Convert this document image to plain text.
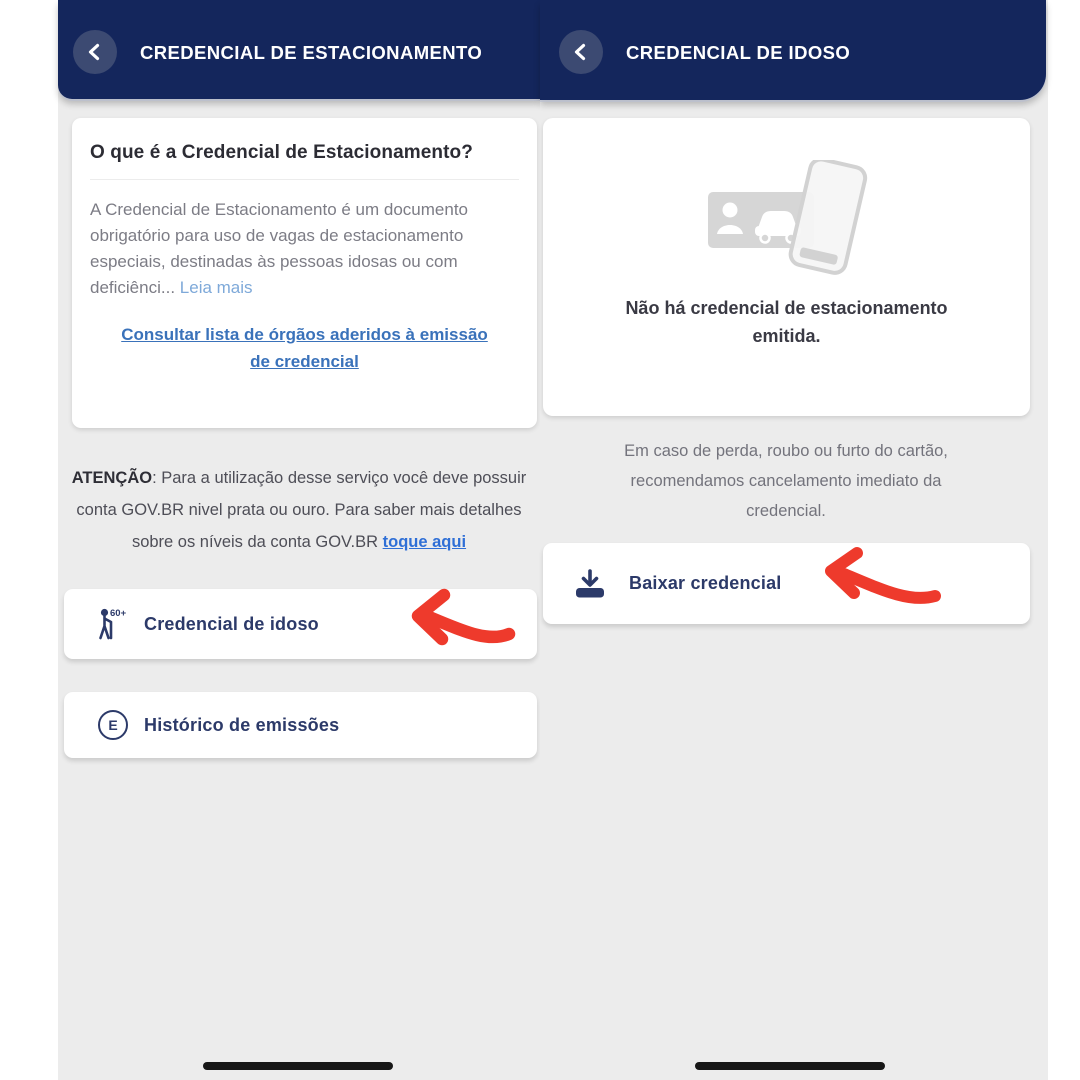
CREDENCIAL DE ESTACIONAMENTO
O que é a Credencial de Estacionamento?

A Credencial de Estacionamento é um documento obrigatório para uso de vagas de estacionamento especiais, destinadas às pessoas idosas ou com deficiênci... Leia mais

Consultar lista de órgãos aderidos à emissão de credencial

ATENÇÃO: Para a utilização desse serviço você deve possuir conta GOV.BR nivel prata ou ouro. Para saber mais detalhes sobre os níveis da conta GOV.BR toque aqui

60+ Credencial de idoso
E	Histórico de emissões
CREDENCIAL DE IDOSO

Não há credencial de estacionamento emitida.

Em caso de perda, roubo ou furto do cartão, recomendamos cancelamento imediato da credencial.

Baixar credencial
